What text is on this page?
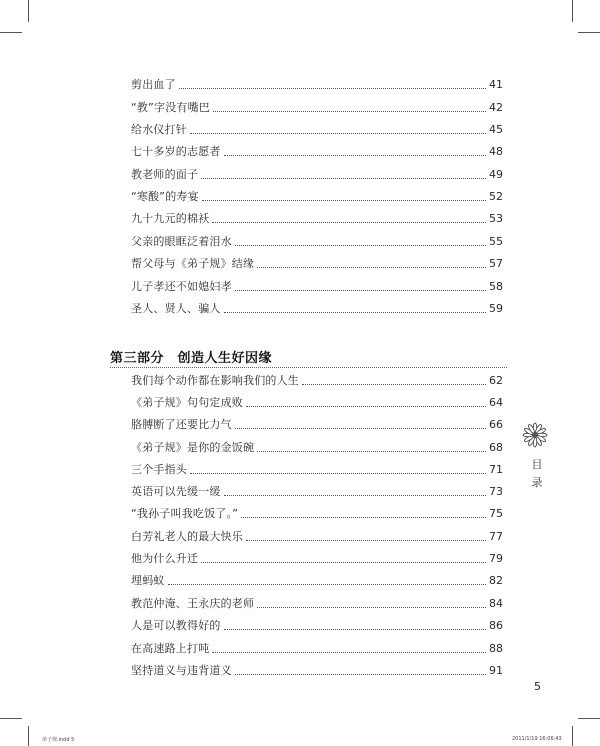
剪出血了	41
“教”字没有嘴巴	42
给水仪打针	45
七十多岁的志愿者	48
教老师的面子	49
“寒酸”的寿宴	52
九十九元的棉袄	53
父亲的眼眶泛着泪水	55
帮父母与《弟子规》结缘	57
儿子孝还不如媳妇孝	58
圣人、贤人、骗人	59
第三部分　创造人生好因缘
我们每个动作都在影响我们的人生	62
《弟子规》句句定成败	64
胳膊断了还要比力气	66
《弟子规》是你的金饭碗	68
三个手指头	71
英语可以先缓一缓	73
“我孙子叫我吃饭了。”	75
白芳礼老人的最大快乐	77
他为什么升迁	79
埋蚂蚁	82
教范仲淹、王永庆的老师	84
人是可以教得好的	86
在高速路上打吨	88
坚持道义与违背道义	91
目
录
5
弟子规.indd 5	2011/1/19 16:06:43
